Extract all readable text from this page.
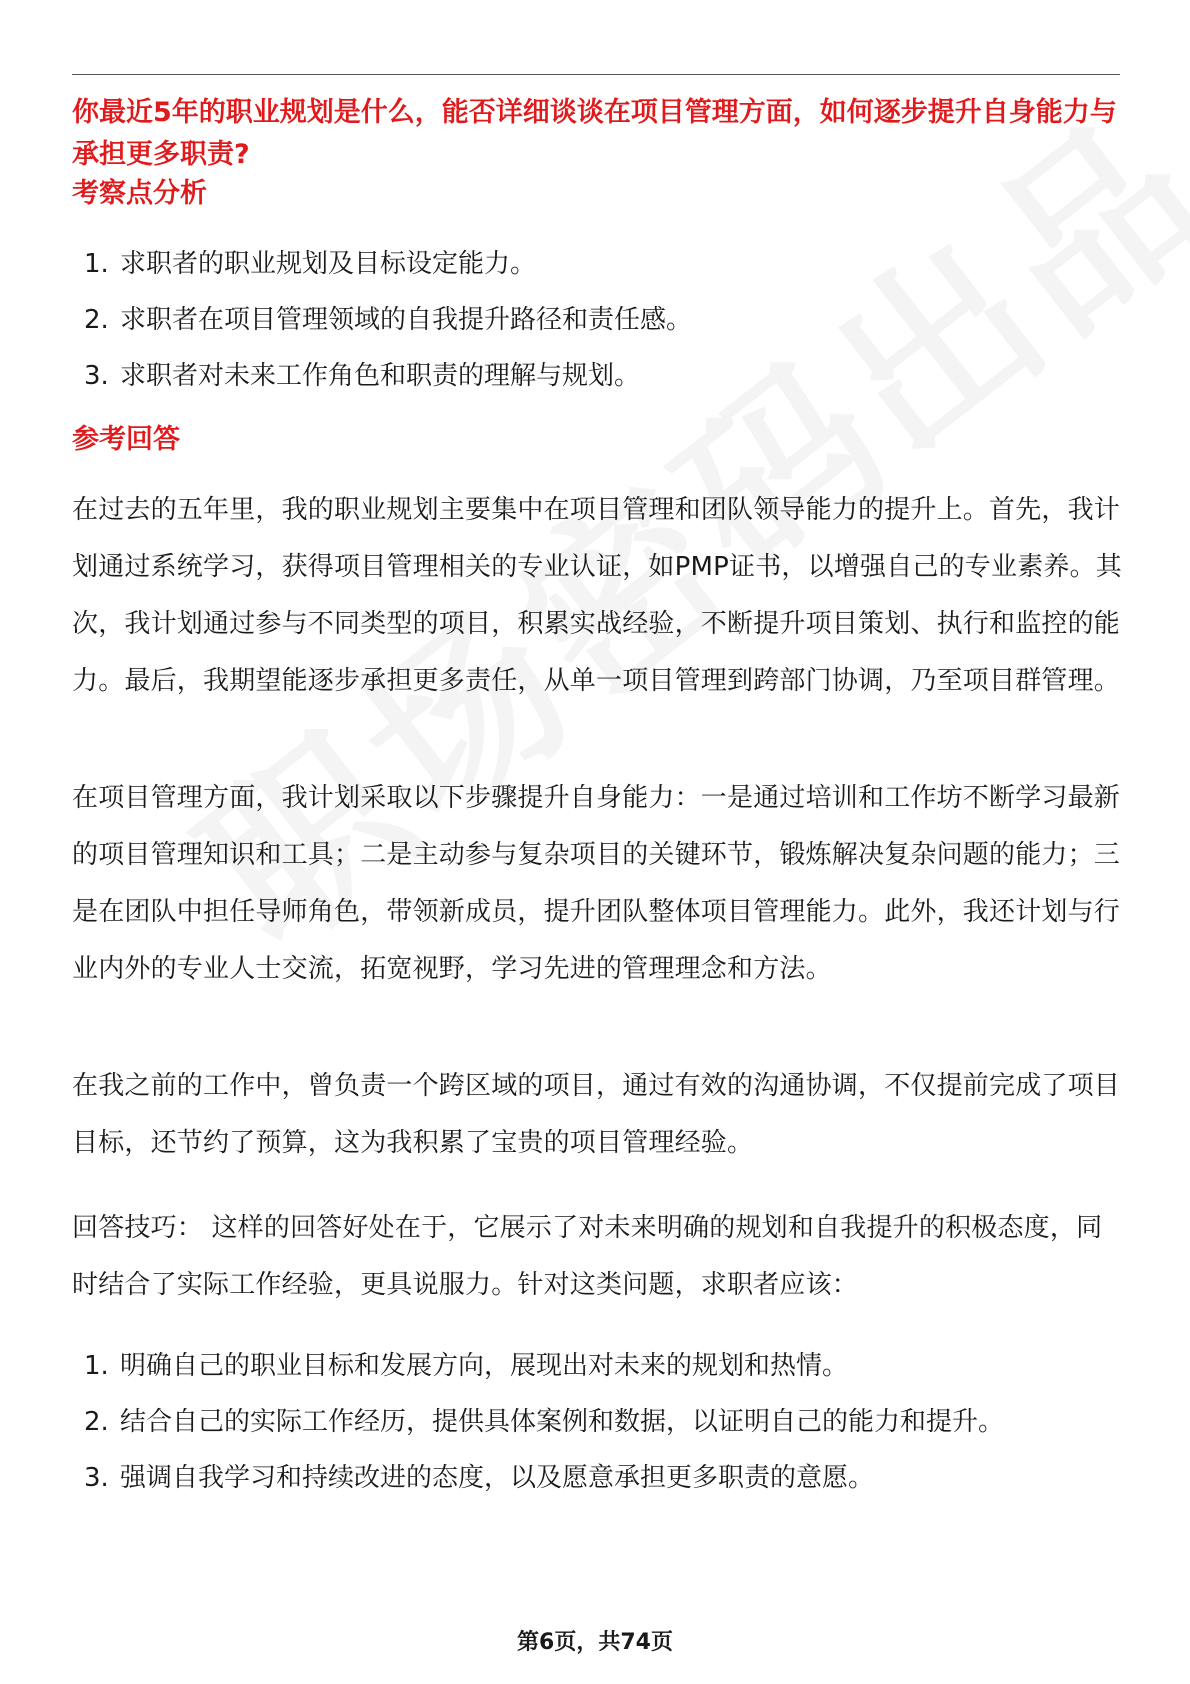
你最近5年的职业规划是什么，能否详细谈谈在项目管理方面，如何逐步提升自身能力与承担更多职责?
考察点分析
1. 求职者的职业规划及目标设定能力。
2. 求职者在项目管理领域的自我提升路径和责任感。
3. 求职者对未来工作角色和职责的理解与规划。
参考回答

在过去的五年里，我的职业规划主要集中在项目管理和团队领导能力的提升上。首先，我计划通过系统学习，获得项目管理相关的专业认证，如PMP证书，以增强自己的专业素养。其次，我计划通过参与不同类型的项目，积累实战经验，不断提升项目策划、执行和监控的能力。最后，我期望能逐步承担更多责任，从单一项目管理到跨部门协调，乃至项目群管理。

在项目管理方面，我计划采取以下步骤提升自身能力：一是通过培训和工作坊不断学习最新的项目管理知识和工具；二是主动参与复杂项目的关键环节，锻炼解决复杂问题的能力；三是在团队中担任导师角色，带领新成员，提升团队整体项目管理能力。此外，我还计划与行业内外的专业人士交流，拓宽视野，学习先进的管理理念和方法。

在我之前的工作中，曾负责一个跨区域的项目，通过有效的沟通协调，不仅提前完成了项目目标，还节约了预算，这为我积累了宝贵的项目管理经验。

回答技巧： 这样的回答好处在于，它展示了对未来明确的规划和自我提升的积极态度，同时结合了实际工作经验，更具说服力。针对这类问题，求职者应该：

1. 明确自己的职业目标和发展方向，展现出对未来的规划和热情。
2. 结合自己的实际工作经历，提供具体案例和数据，以证明自己的能力和提升。
3. 强调自我学习和持续改进的态度，以及愿意承担更多职责的意愿。
第6页，共74页
